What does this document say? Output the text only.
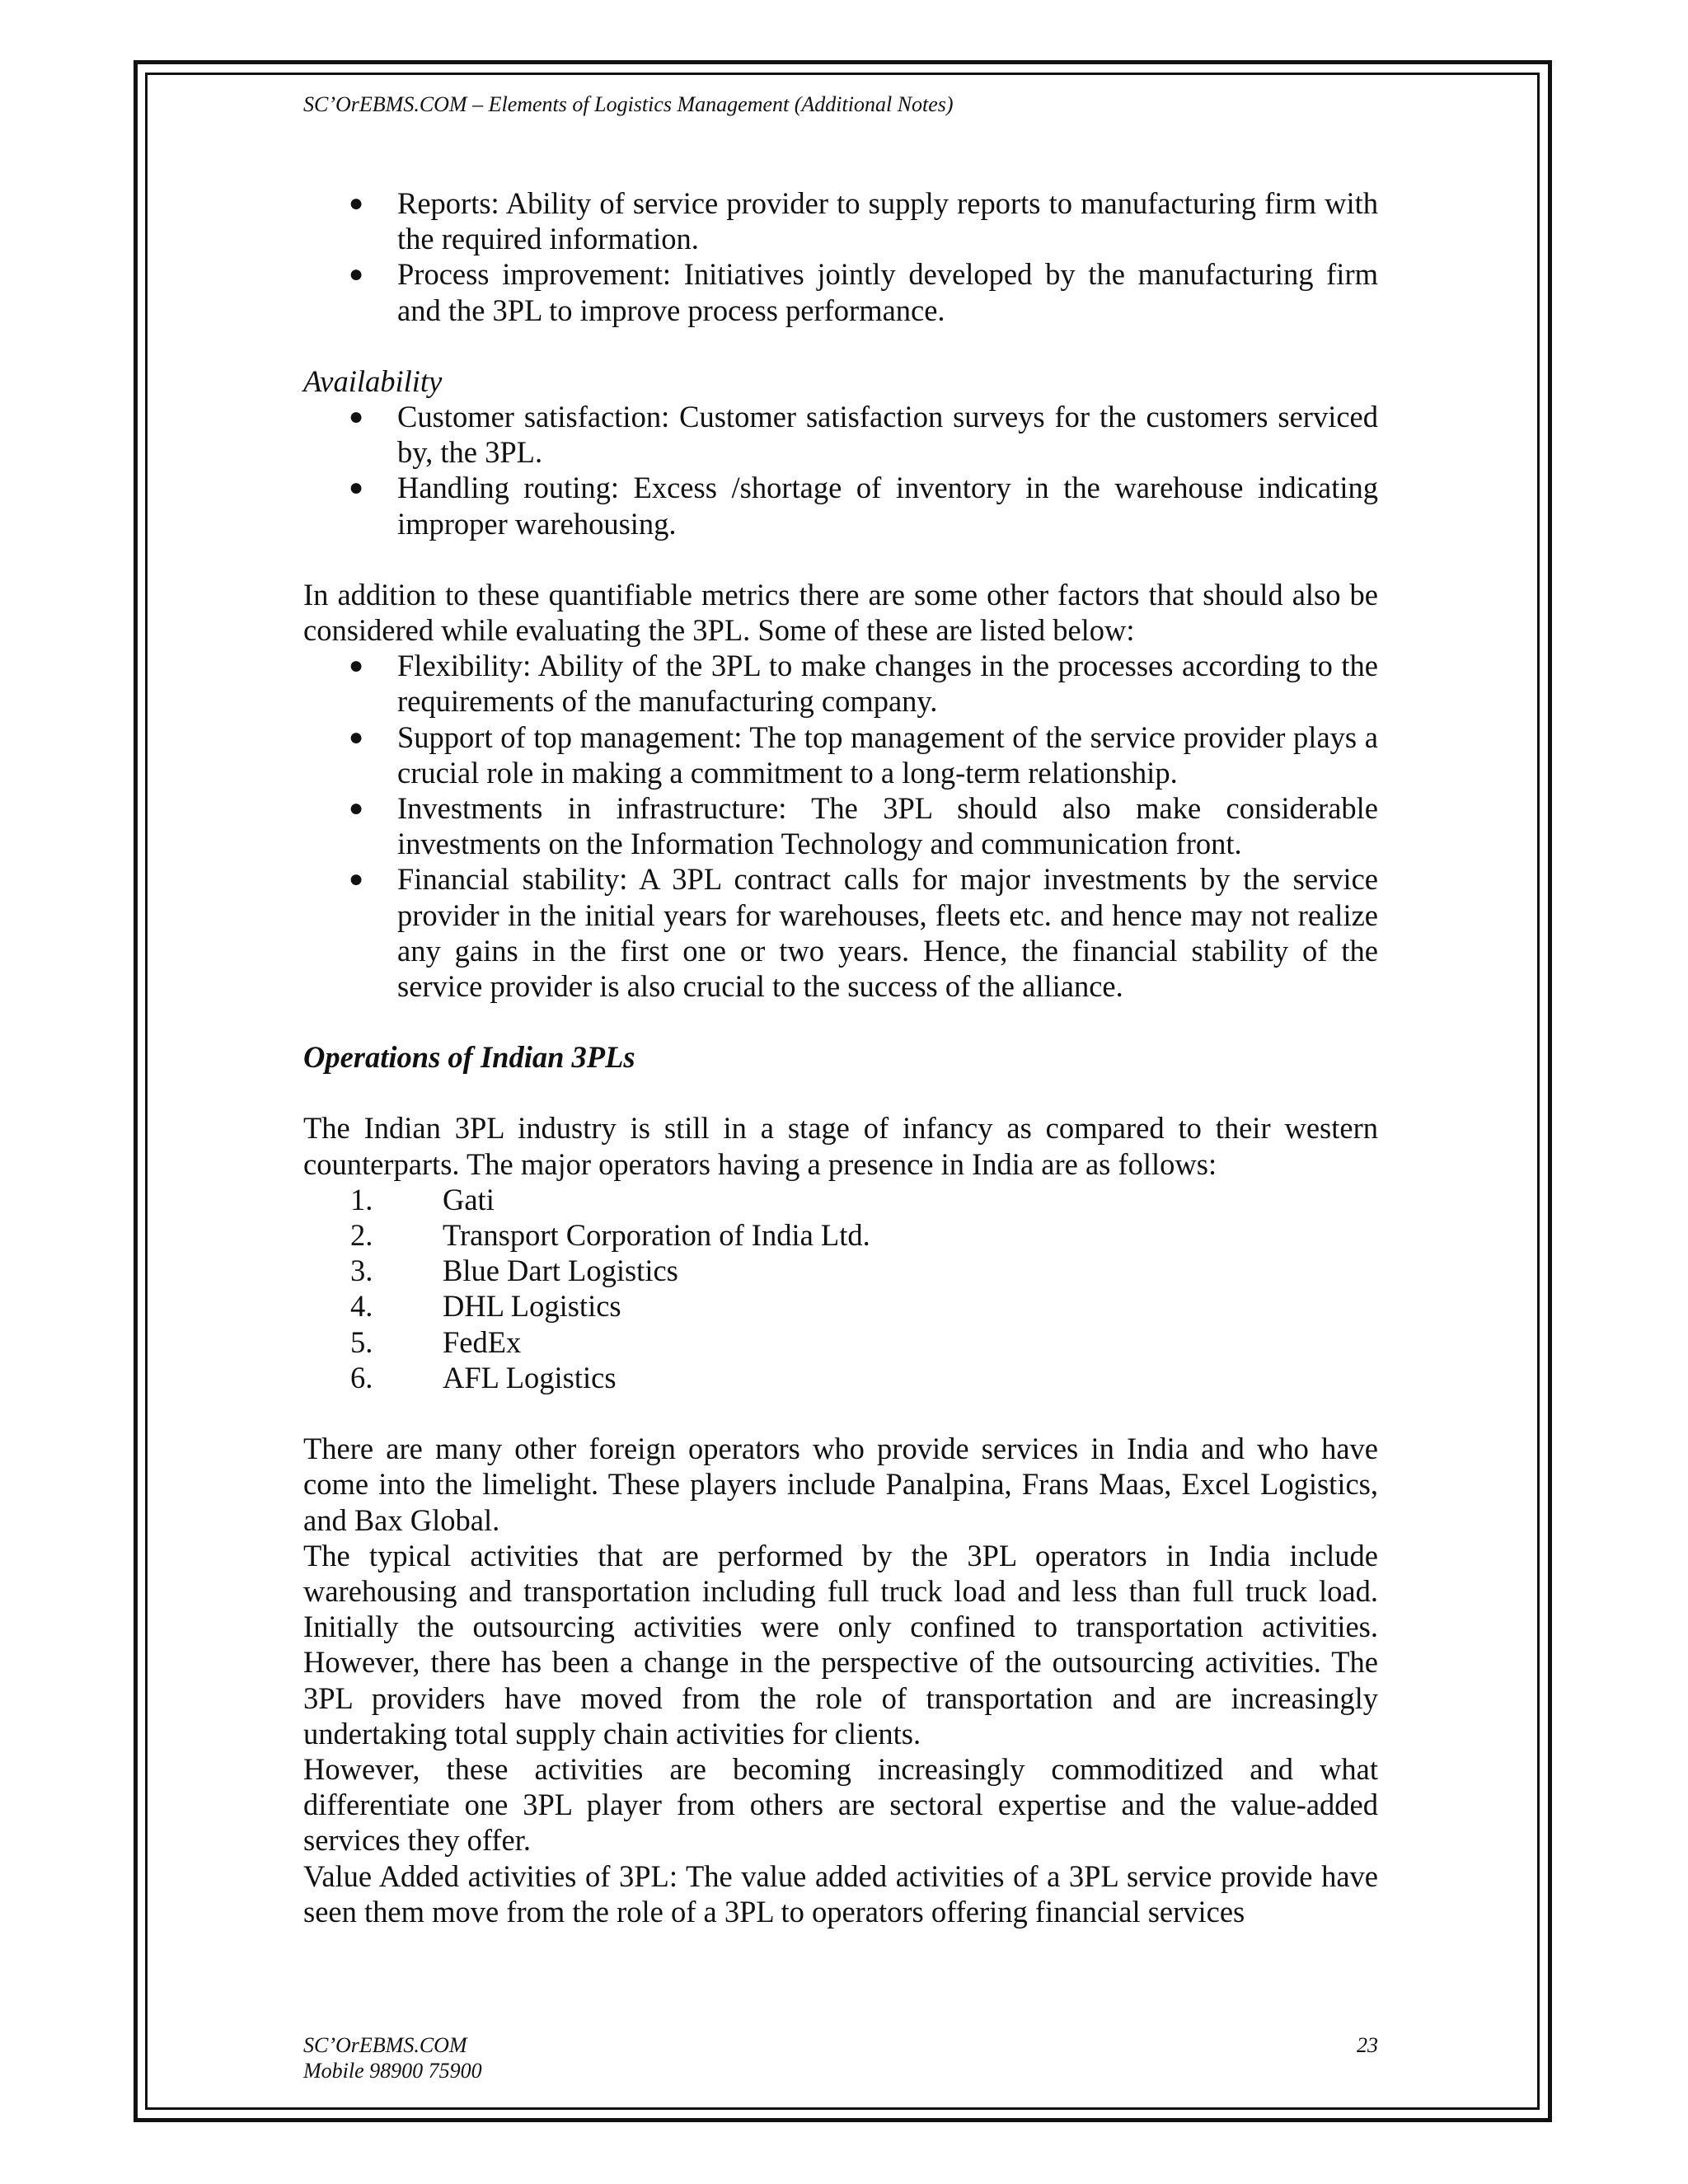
SC’OrEBMS.COM – Elements of Logistics Management (Additional Notes)
● Reports: Ability of service provider to supply reports to manufacturing firm with the required information.
● Process improvement: Initiatives jointly developed by the manufacturing firm and the 3PL to improve process performance.

Availability

● Customer satisfaction: Customer satisfaction surveys for the customers serviced by, the 3PL.
● Handling routing: Excess /shortage of inventory in the warehouse indicating improper warehousing.

In addition to these quantifiable metrics there are some other factors that should also be considered while evaluating the 3PL. Some of these are listed below:

● Flexibility: Ability of the 3PL to make changes in the processes according to the requirements of the manufacturing company.
● Support of top management: The top management of the service provider plays a crucial role in making a commitment to a long-term relationship.
● Investments in infrastructure: The 3PL should also make considerable investments on the Information Technology and communication front.
● Financial stability: A 3PL contract calls for major investments by the service provider in the initial years for warehouses, fleets etc. and hence may not realize any gains in the first one or two years. Hence, the financial stability of the service provider is also crucial to the success of the alliance.

Operations of Indian 3PLs

The Indian 3PL industry is still in a stage of infancy as compared to their western counterparts. The major operators having a presence in India are as follows:

1. Gati
2. Transport Corporation of India Ltd.
3. Blue Dart Logistics
4. DHL Logistics
5. FedEx
6. AFL Logistics

There are many other foreign operators who provide services in India and who have come into the limelight. These players include Panalpina, Frans Maas, Excel Logistics, and Bax Global.

The typical activities that are performed by the 3PL operators in India include warehousing and transportation including full truck load and less than full truck load. Initially the outsourcing activities were only confined to transportation activities. However, there has been a change in the perspective of the outsourcing activities. The 3PL providers have moved from the role of transportation and are increasingly undertaking total supply chain activities for clients.

However, these activities are becoming increasingly commoditized and what differentiate one 3PL player from others are sectoral expertise and the value-added services they offer.

Value Added activities of 3PL: The value added activities of a 3PL service provide have seen them move from the role of a 3PL to operators offering financial services

SC’OrEBMS.COM
Mobile 98900 75900
23
